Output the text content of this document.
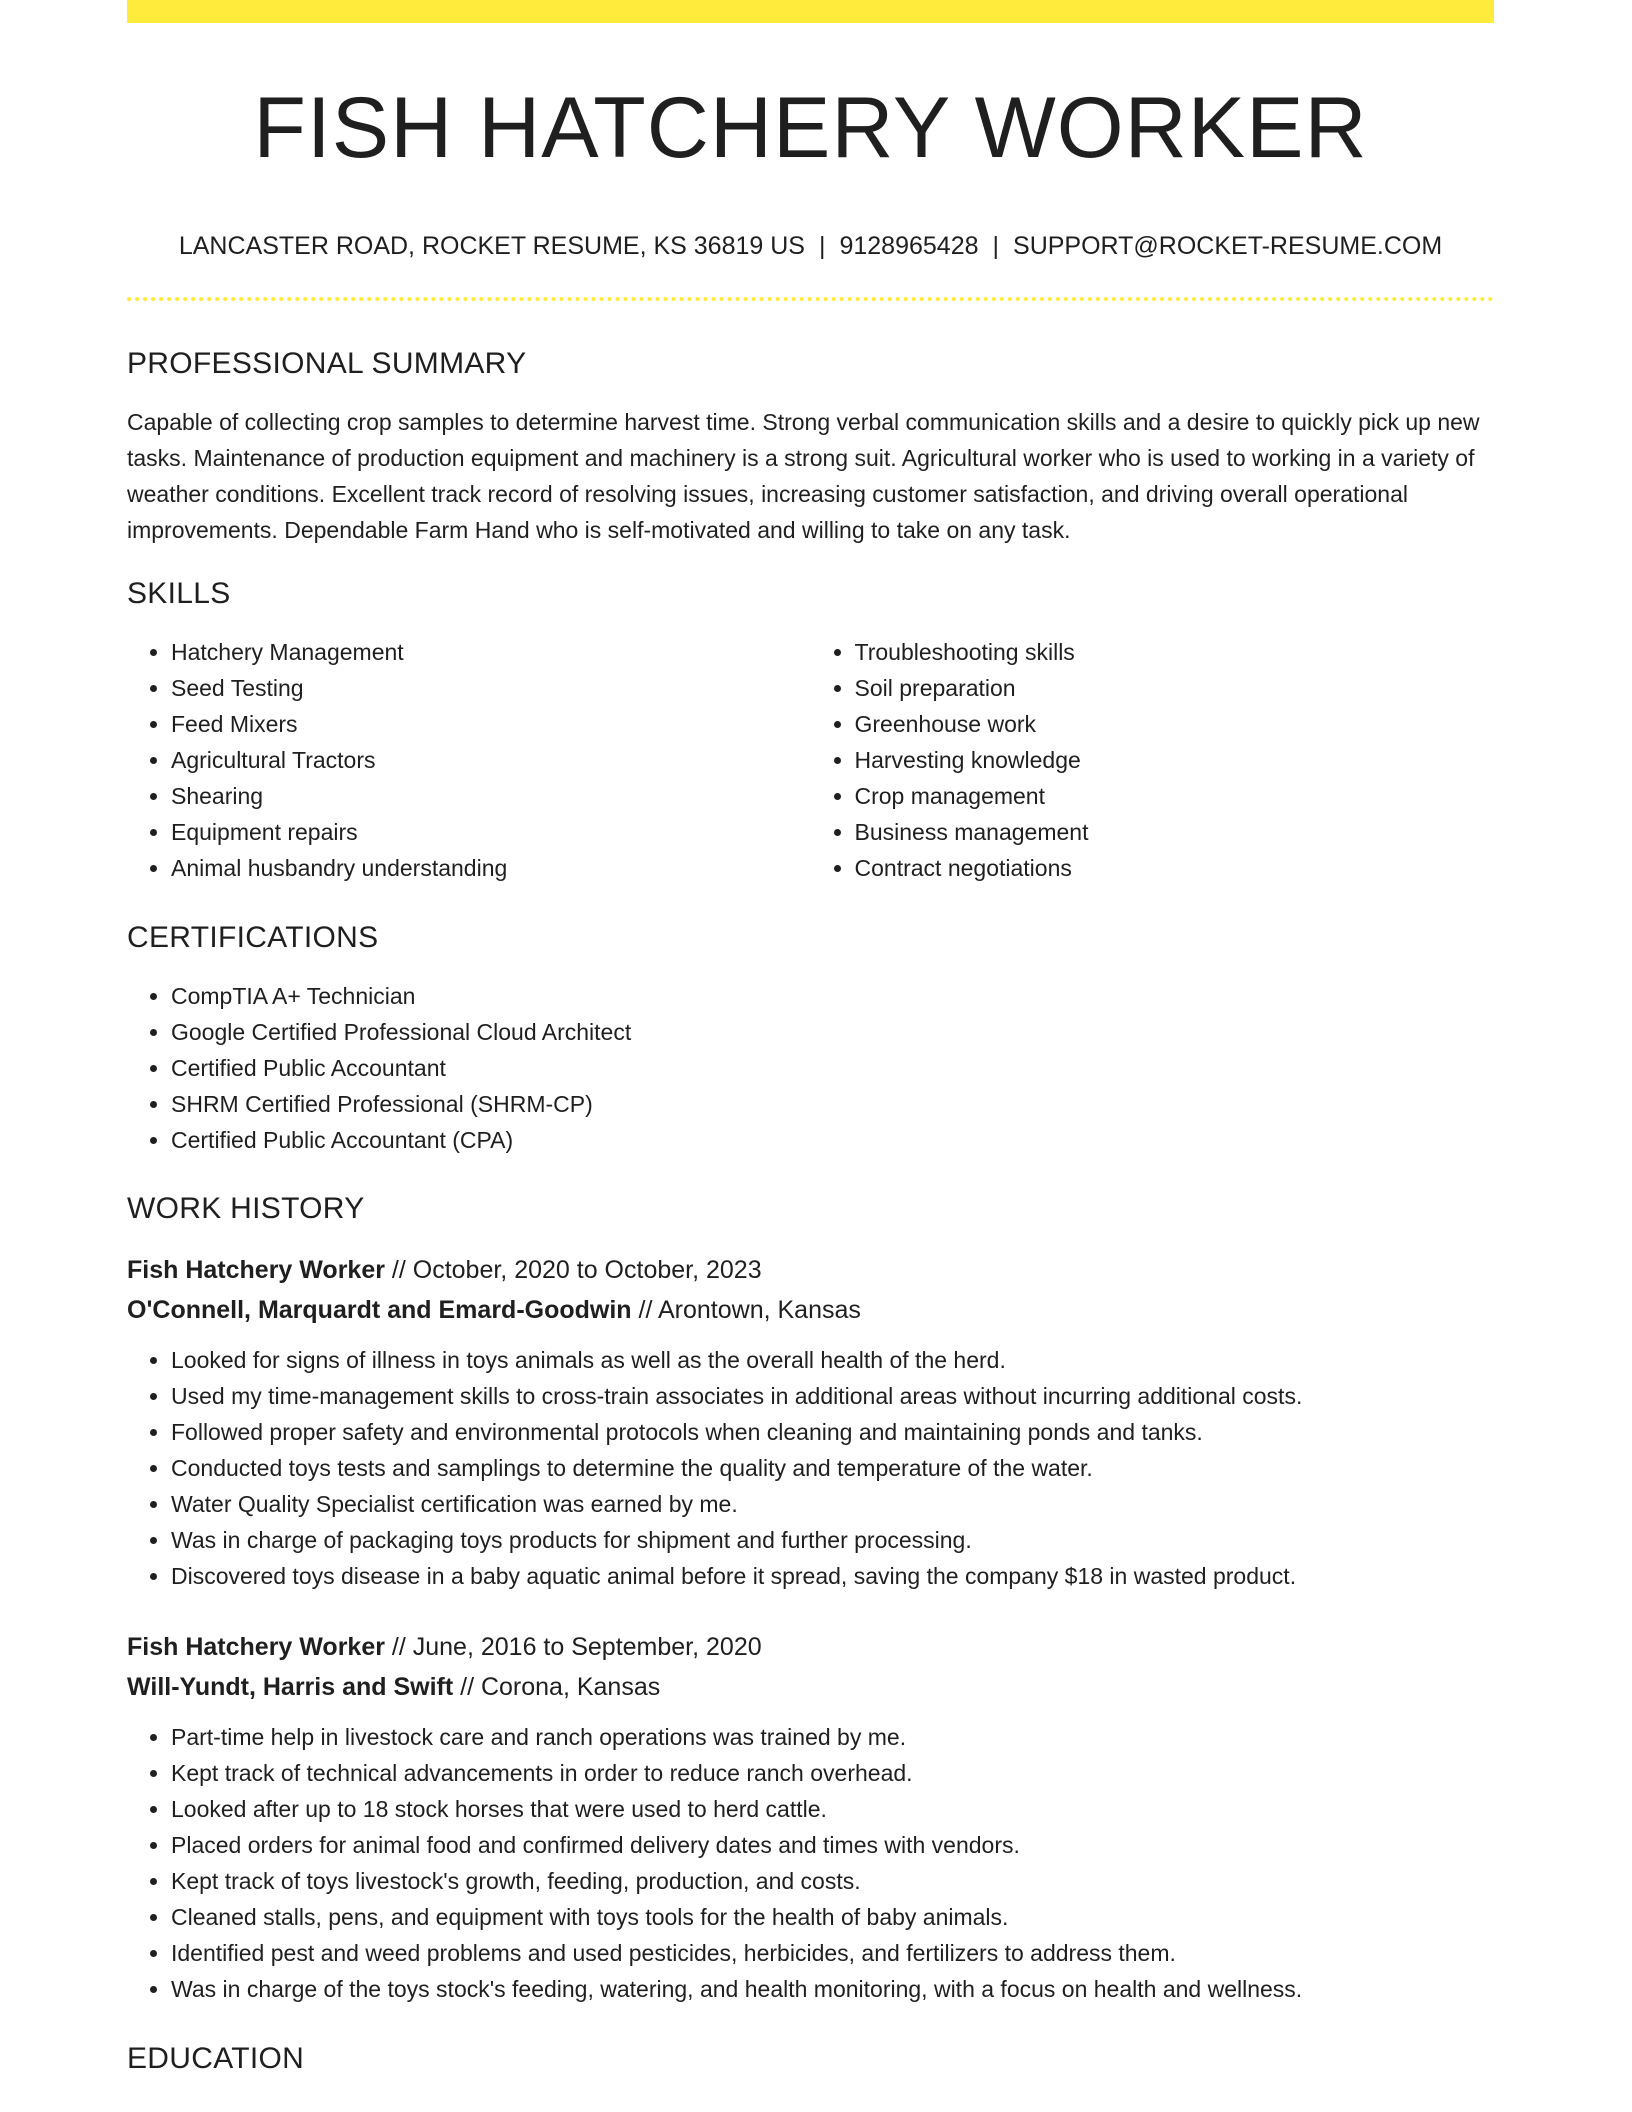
FISH HATCHERY WORKER
LANCASTER ROAD, ROCKET RESUME, KS 36819 US | 9128965428 | SUPPORT@ROCKET-RESUME.COM
PROFESSIONAL SUMMARY
Capable of collecting crop samples to determine harvest time. Strong verbal communication skills and a desire to quickly pick up new tasks. Maintenance of production equipment and machinery is a strong suit. Agricultural worker who is used to working in a variety of weather conditions. Excellent track record of resolving issues, increasing customer satisfaction, and driving overall operational improvements. Dependable Farm Hand who is self-motivated and willing to take on any task.
SKILLS
• Hatchery Management
• Seed Testing
• Feed Mixers
• Agricultural Tractors
• Shearing
• Equipment repairs
• Animal husbandry understanding
• Troubleshooting skills
• Soil preparation
• Greenhouse work
• Harvesting knowledge
• Crop management
• Business management
• Contract negotiations
CERTIFICATIONS
• CompTIA A+ Technician
• Google Certified Professional Cloud Architect
• Certified Public Accountant
• SHRM Certified Professional (SHRM-CP)
• Certified Public Accountant (CPA)
WORK HISTORY
Fish Hatchery Worker // October, 2020 to October, 2023
O'Connell, Marquardt and Emard-Goodwin // Arontown, Kansas
• Looked for signs of illness in toys animals as well as the overall health of the herd.
• Used my time-management skills to cross-train associates in additional areas without incurring additional costs.
• Followed proper safety and environmental protocols when cleaning and maintaining ponds and tanks.
• Conducted toys tests and samplings to determine the quality and temperature of the water.
• Water Quality Specialist certification was earned by me.
• Was in charge of packaging toys products for shipment and further processing.
• Discovered toys disease in a baby aquatic animal before it spread, saving the company $18 in wasted product.
Fish Hatchery Worker // June, 2016 to September, 2020
Will-Yundt, Harris and Swift // Corona, Kansas
• Part-time help in livestock care and ranch operations was trained by me.
• Kept track of technical advancements in order to reduce ranch overhead.
• Looked after up to 18 stock horses that were used to herd cattle.
• Placed orders for animal food and confirmed delivery dates and times with vendors.
• Kept track of toys livestock's growth, feeding, production, and costs.
• Cleaned stalls, pens, and equipment with toys tools for the health of baby animals.
• Identified pest and weed problems and used pesticides, herbicides, and fertilizers to address them.
• Was in charge of the toys stock's feeding, watering, and health monitoring, with a focus on health and wellness.
EDUCATION
